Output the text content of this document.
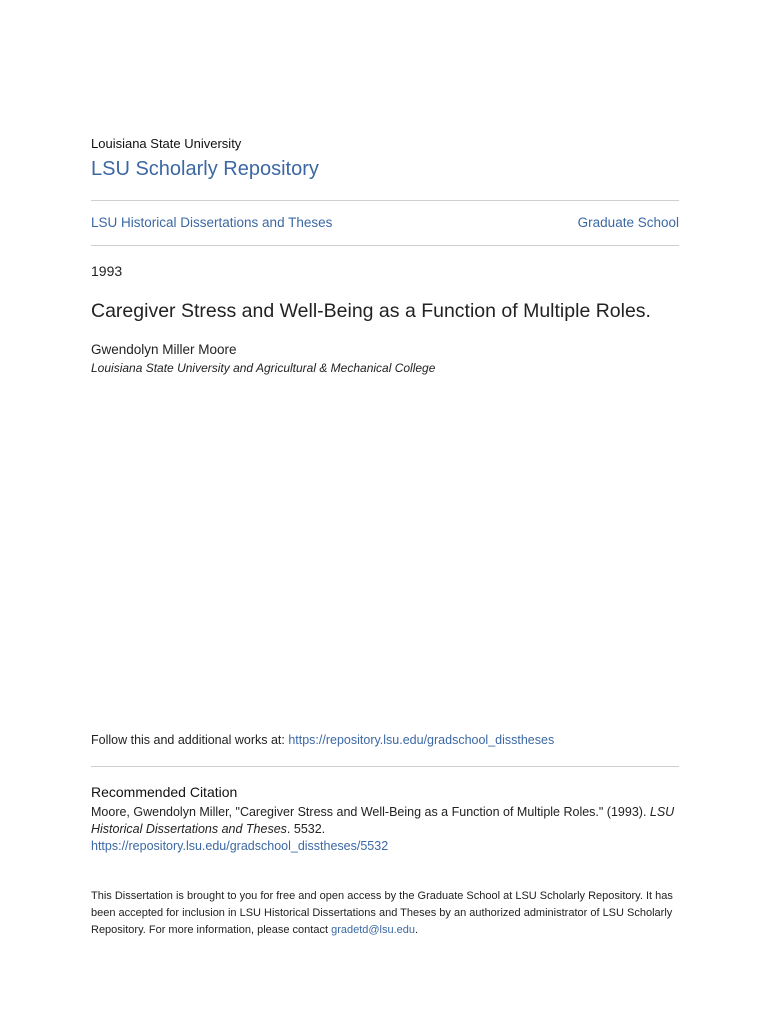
Louisiana State University
LSU Scholarly Repository
LSU Historical Dissertations and Theses	Graduate School
1993
Caregiver Stress and Well-Being as a Function of Multiple Roles.
Gwendolyn Miller Moore
Louisiana State University and Agricultural & Mechanical College
Follow this and additional works at: https://repository.lsu.edu/gradschool_disstheses
Recommended Citation
Moore, Gwendolyn Miller, "Caregiver Stress and Well-Being as a Function of Multiple Roles." (1993). LSU Historical Dissertations and Theses. 5532.
https://repository.lsu.edu/gradschool_disstheses/5532
This Dissertation is brought to you for free and open access by the Graduate School at LSU Scholarly Repository. It has been accepted for inclusion in LSU Historical Dissertations and Theses by an authorized administrator of LSU Scholarly Repository. For more information, please contact gradetd@lsu.edu.
